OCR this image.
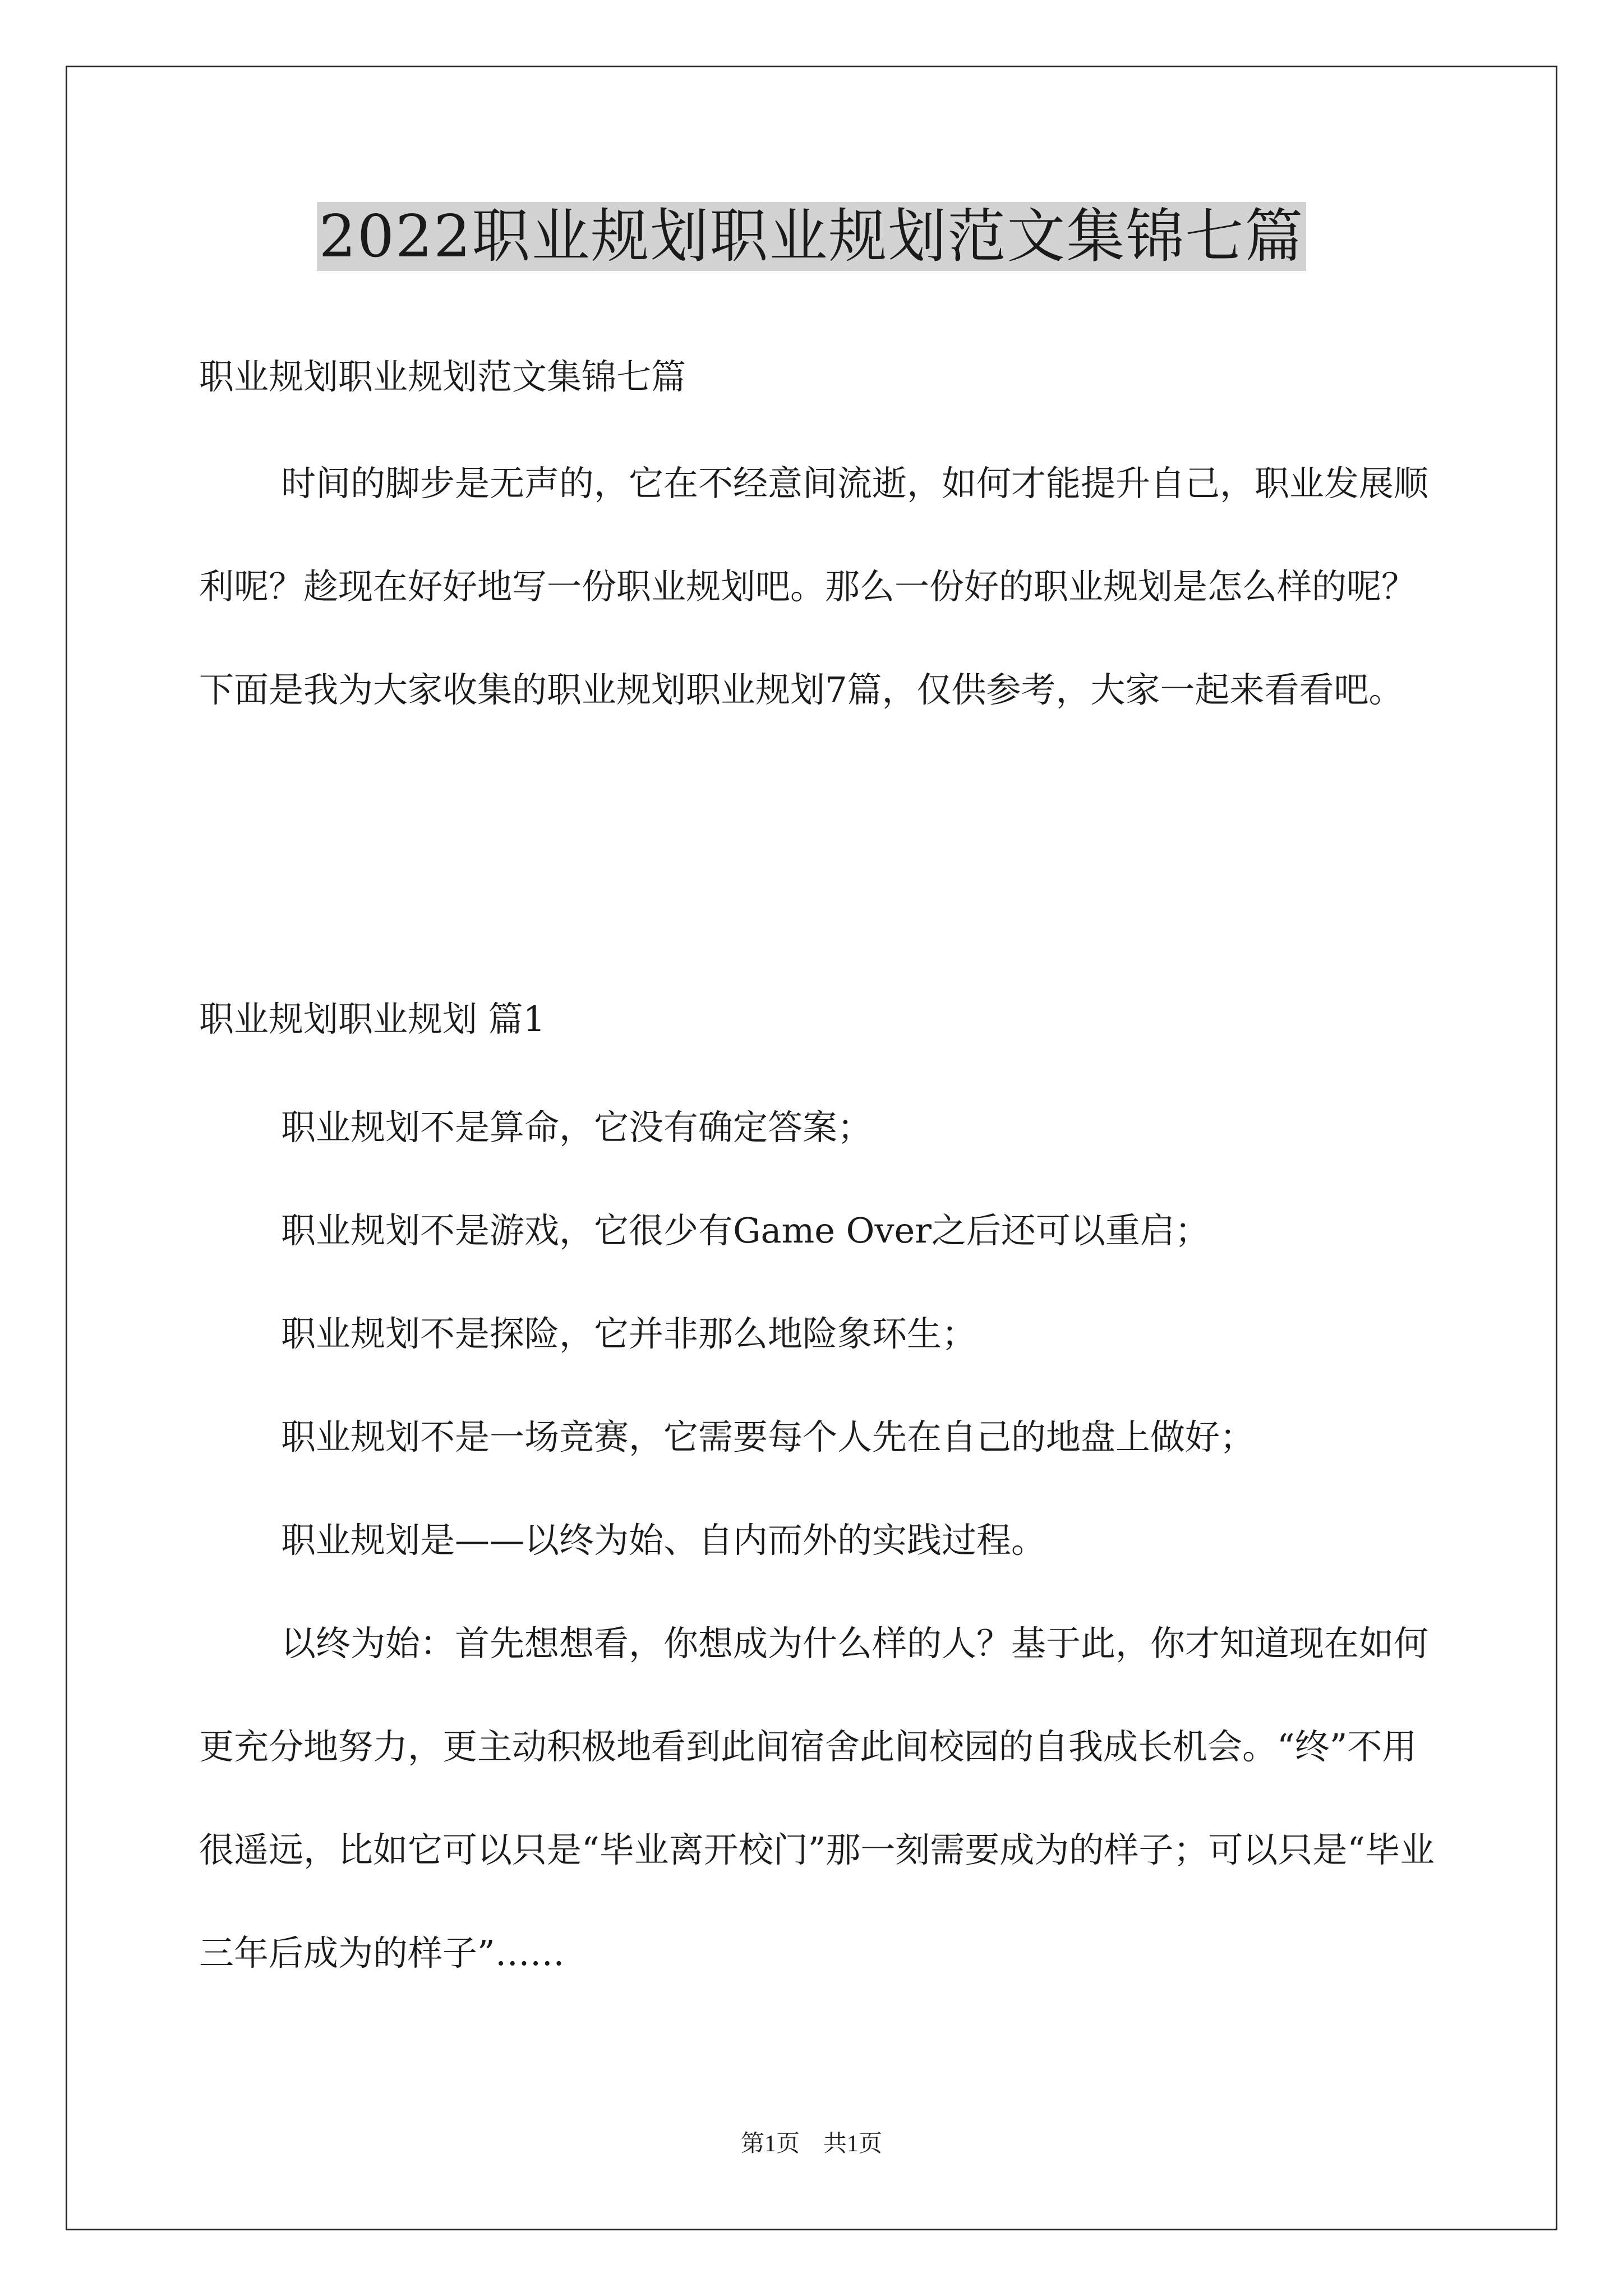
2022职业规划职业规划范文集锦七篇

职业规划职业规划范文集锦七篇

时间的脚步是无声的，它在不经意间流逝，如何才能提升自己，职业发展顺利呢？趁现在好好地写一份职业规划吧。那么一份好的职业规划是怎么样的呢？下面是我为大家收集的职业规划职业规划7篇，仅供参考，大家一起来看看吧。

职业规划职业规划 篇1

职业规划不是算命，它没有确定答案；

职业规划不是游戏，它很少有Game Over之后还可以重启；

职业规划不是探险，它并非那么地险象环生；

职业规划不是一场竞赛，它需要每个人先在自己的地盘上做好；

职业规划是——以终为始、自内而外的实践过程。

以终为始：首先想想看，你想成为什么样的人？基于此，你才知道现在如何更充分地努力，更主动积极地看到此间宿舍此间校园的自我成长机会。“终”不用很遥远，比如它可以只是“毕业离开校门”那一刻需要成为的样子；可以只是“毕业三年后成为的样子”……

第1页　共1页
